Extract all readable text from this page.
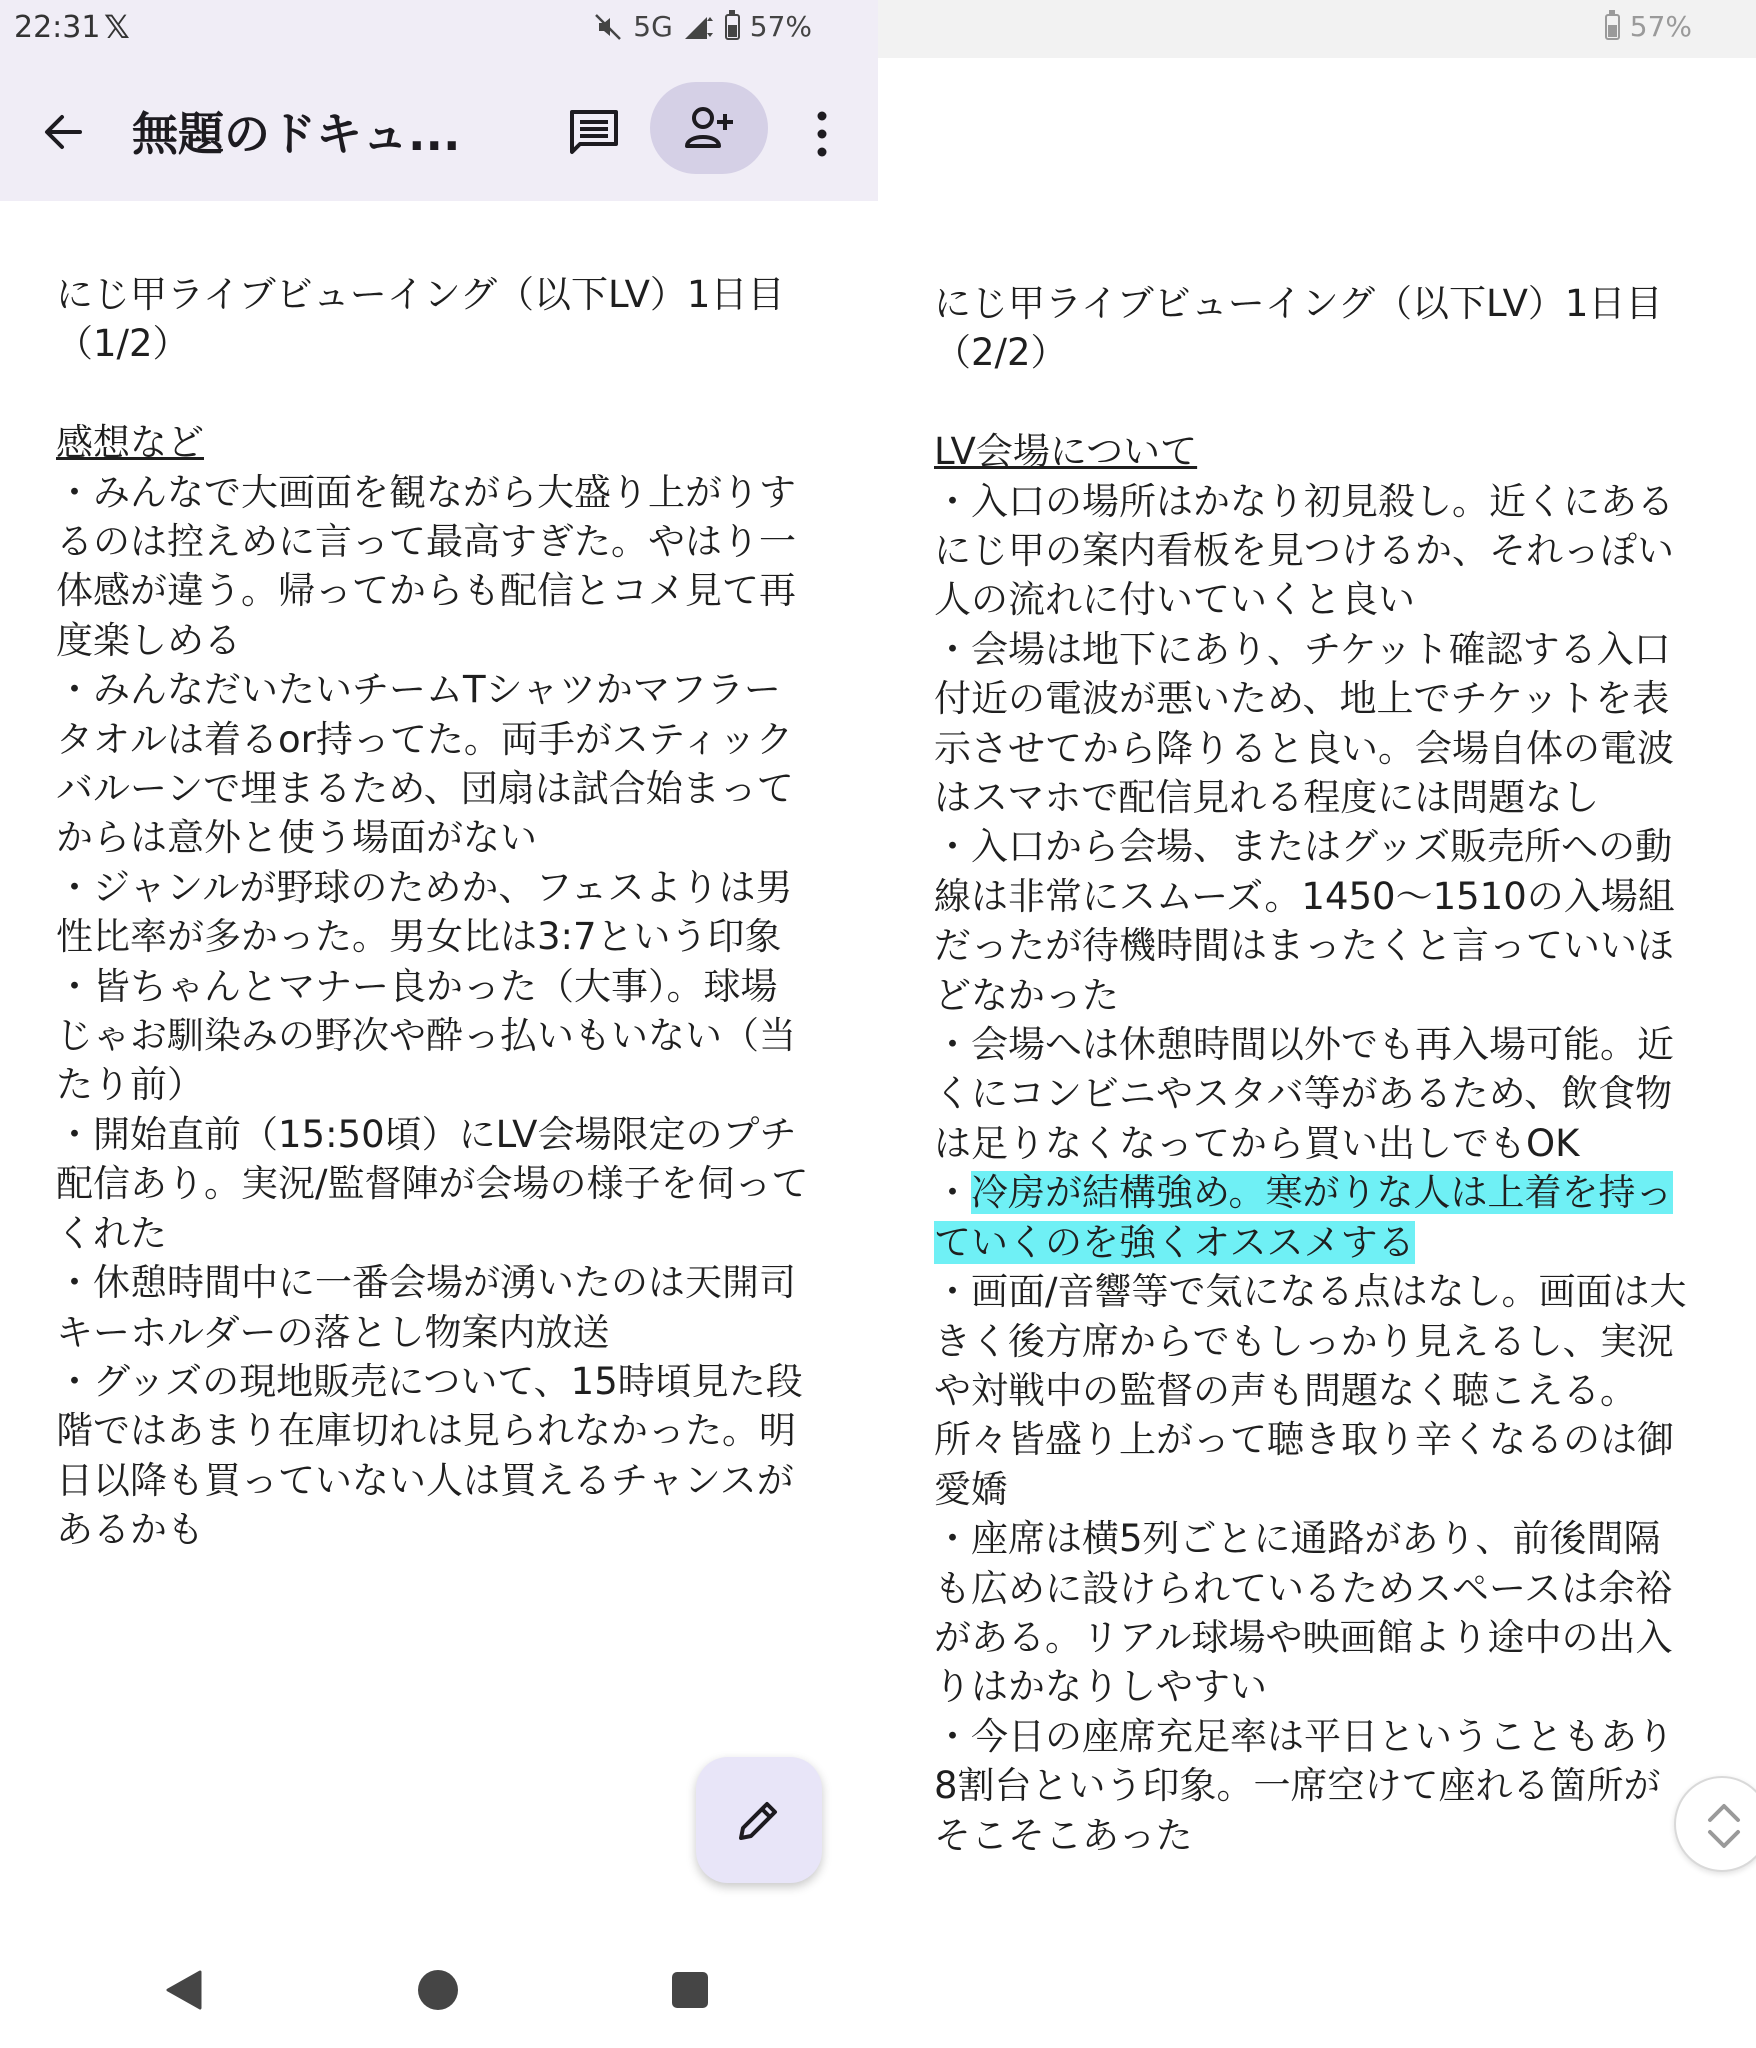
22:31 𝕏	5G	57%
無題のドキュ...

にじ甲ライブビューイング（以下LV）1日目

（1/2）

感想など

・みんなで大画面を観ながら大盛り上がりす

るのは控えめに言って最高すぎた。やはり一

体感が違う。帰ってからも配信とコメ見て再

度楽しめる

・みんなだいたいチームTシャツかマフラー

タオルは着るor持ってた。両手がスティック

バルーンで埋まるため、団扇は試合始まって

からは意外と使う場面がない

・ジャンルが野球のためか、フェスよりは男

性比率が多かった。男女比は3:7という印象

・皆ちゃんとマナー良かった（大事）。球場

じゃお馴染みの野次や酔っ払いもいない（当

たり前）

・開始直前（15:50頃）にLV会場限定のプチ

配信あり。実況/監督陣が会場の様子を伺って

くれた

・休憩時間中に一番会場が湧いたのは天開司

キーホルダーの落とし物案内放送

・グッズの現地販売について、15時頃見た段

階ではあまり在庫切れは見られなかった。明

日以降も買っていない人は買えるチャンスが

あるかも

57%

にじ甲ライブビューイング（以下LV）1日目

（2/2）

LV会場について

・入口の場所はかなり初見殺し。近くにある

にじ甲の案内看板を見つけるか、それっぽい

人の流れに付いていくと良い

・会場は地下にあり、チケット確認する入口

付近の電波が悪いため、地上でチケットを表

示させてから降りると良い。会場自体の電波

はスマホで配信見れる程度には問題なし

・入口から会場、またはグッズ販売所への動

線は非常にスムーズ。1450〜1510の入場組

だったが待機時間はまったくと言っていいほ

どなかった

・会場へは休憩時間以外でも再入場可能。近

くにコンビニやスタバ等があるため、飲食物

は足りなくなってから買い出しでもOK

・冷房が結構強め。寒がりな人は上着を持っ

ていくのを強くオススメする

・画面/音響等で気になる点はなし。画面は大

きく後方席からでもしっかり見えるし、実況

や対戦中の監督の声も問題なく聴こえる。

所々皆盛り上がって聴き取り辛くなるのは御

愛嬌

・座席は横5列ごとに通路があり、前後間隔

も広めに設けられているためスペースは余裕

がある。リアル球場や映画館より途中の出入

りはかなりしやすい

・今日の座席充足率は平日ということもあり

8割台という印象。一席空けて座れる箇所が

そこそこあった
